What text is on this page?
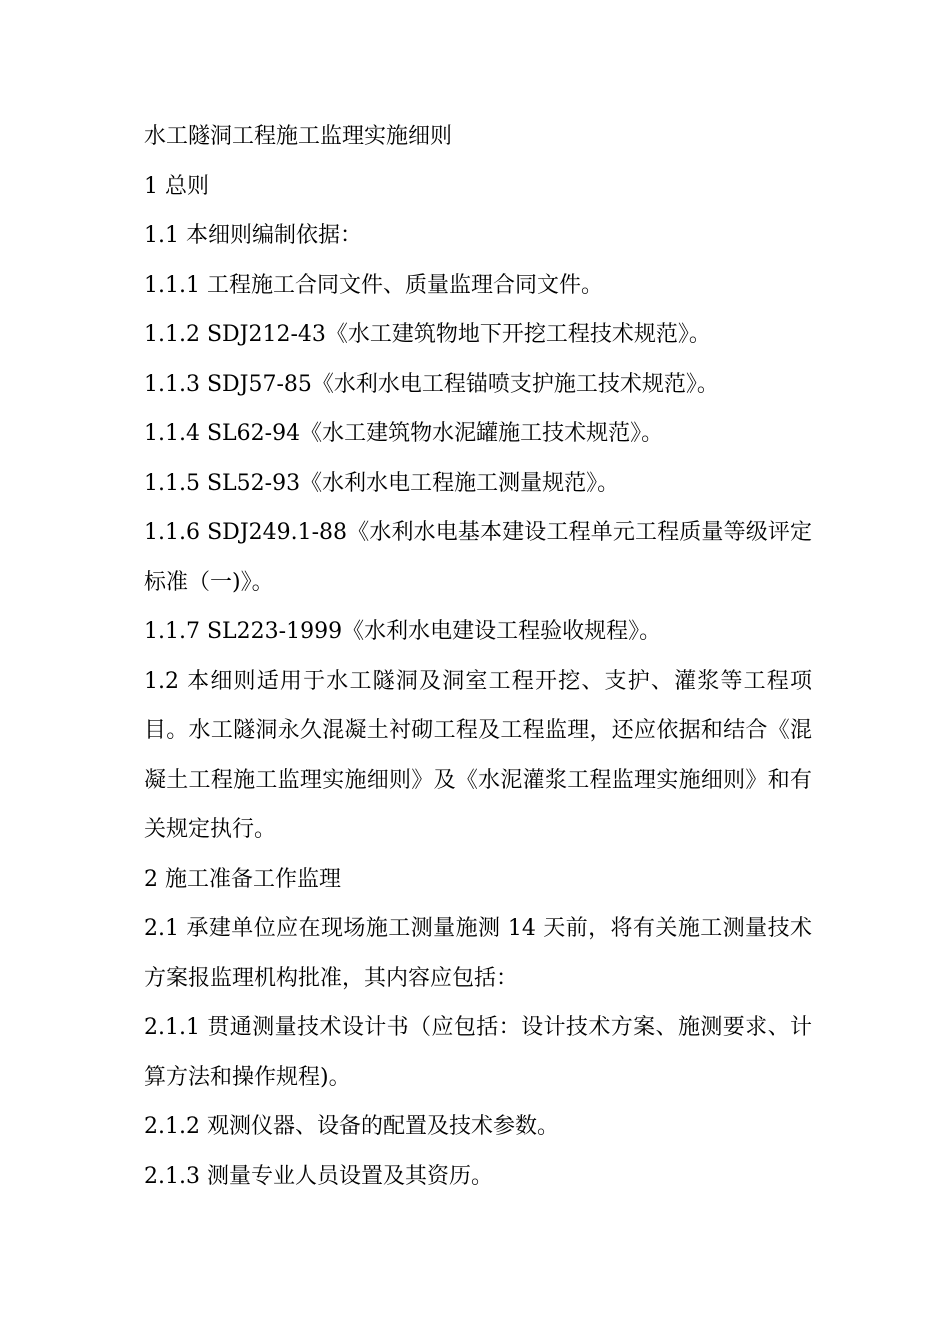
水工隧洞工程施工监理实施细则

1 总则

1.1 本细则编制依据：

1.1.1 工程施工合同文件、质量监理合同文件。

1.1.2 SDJ212-43《水工建筑物地下开挖工程技术规范》。

1.1.3 SDJ57-85《水利水电工程锚喷支护施工技术规范》。

1.1.4 SL62-94《水工建筑物水泥罐施工技术规范》。

1.1.5 SL52-93《水利水电工程施工测量规范》。

1.1.6 SDJ249.1-88《水利水电基本建设工程单元工程质量等级评定标准（一)》。

1.1.7 SL223-1999《水利水电建设工程验收规程》。

1.2 本细则适用于水工隧洞及洞室工程开挖、支护、灌浆等工程项目。水工隧洞永久混凝土衬砌工程及工程监理，还应依据和结合《混凝土工程施工监理实施细则》及《水泥灌浆工程监理实施细则》和有关规定执行。

2 施工准备工作监理

2.1 承建单位应在现场施工测量施测 14 天前，将有关施工测量技术方案报监理机构批准，其内容应包括：

2.1.1 贯通测量技术设计书（应包括：设计技术方案、施测要求、计算方法和操作规程)。

2.1.2 观测仪器、设备的配置及技术参数。

2.1.3 测量专业人员设置及其资历。
